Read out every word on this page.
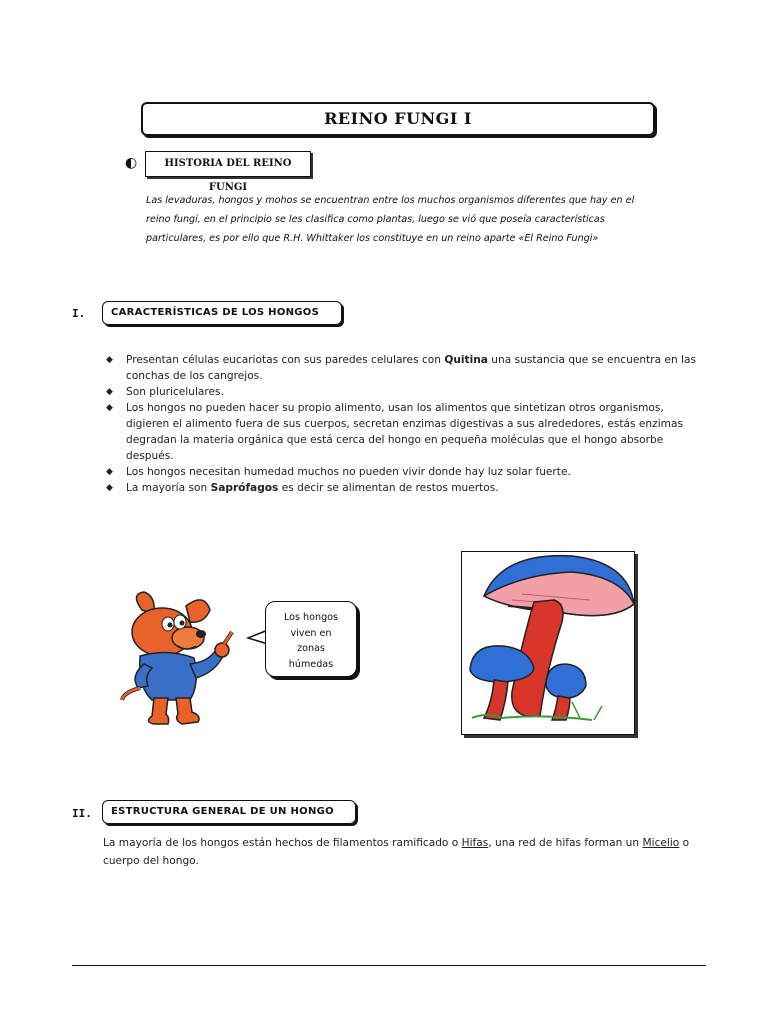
REINO FUNGI I
◐	HISTORIA DEL REINO FUNGI
Las levaduras, hongos y mohos se encuentran entre los muchos organismos diferentes que hay en el reino fungi, en el principio se les clasifica como plantas, luego se vió que poseía características particulares, es por ello que R.H. Whittaker los constituye en un reino aparte «El Reino Fungi»
I.	CARACTERÍSTICAS DE LOS HONGOS
◆ Presentan células eucariotas con sus paredes celulares con Quitina una sustancia que se encuentra en las conchas de los cangrejos.
◆ Son pluricelulares.
◆ Los hongos no pueden hacer su propio alimento, usan los alimentos que sintetizan otros organismos, digieren el alimento fuera de sus cuerpos, secretan enzimas digestivas a sus alrededores, estás enzimas degradan la materia orgánica que está cerca del hongo en pequeña moléculas que el hongo absorbe después.
◆ Los hongos necesitan humedad muchos no pueden vivir donde hay luz solar fuerte.
◆ La mayoría son Saprófagos es decir se alimentan de restos muertos.
Los hongos
viven en
zonas
húmedas
II.	ESTRUCTURA GENERAL DE UN HONGO
La mayoría de los hongos están hechos de filamentos ramificado o Hifas, una red de hifas forman un Micelio o cuerpo del hongo.
